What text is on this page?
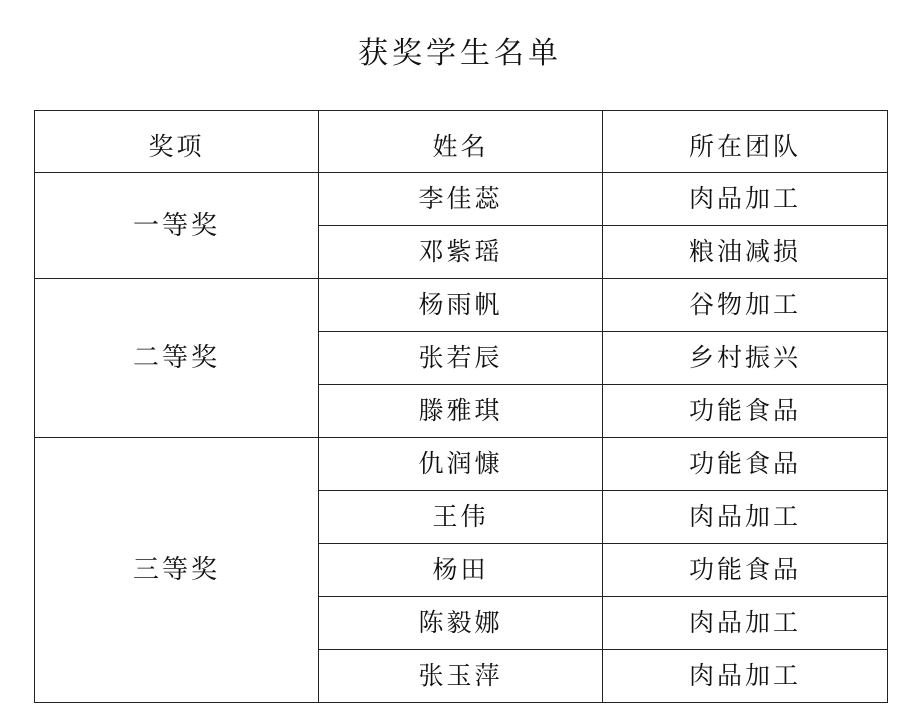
获奖学生名单
奖项	姓名	所在团队
一等奖	李佳蕊	肉品加工
	邓紫瑶	粮油减损
二等奖	杨雨帆	谷物加工
	张若辰	乡村振兴
	滕雅琪	功能食品
三等奖	仇润慷	功能食品
	王伟	肉品加工
	杨田	功能食品
	陈毅娜	肉品加工
	张玉萍	肉品加工
